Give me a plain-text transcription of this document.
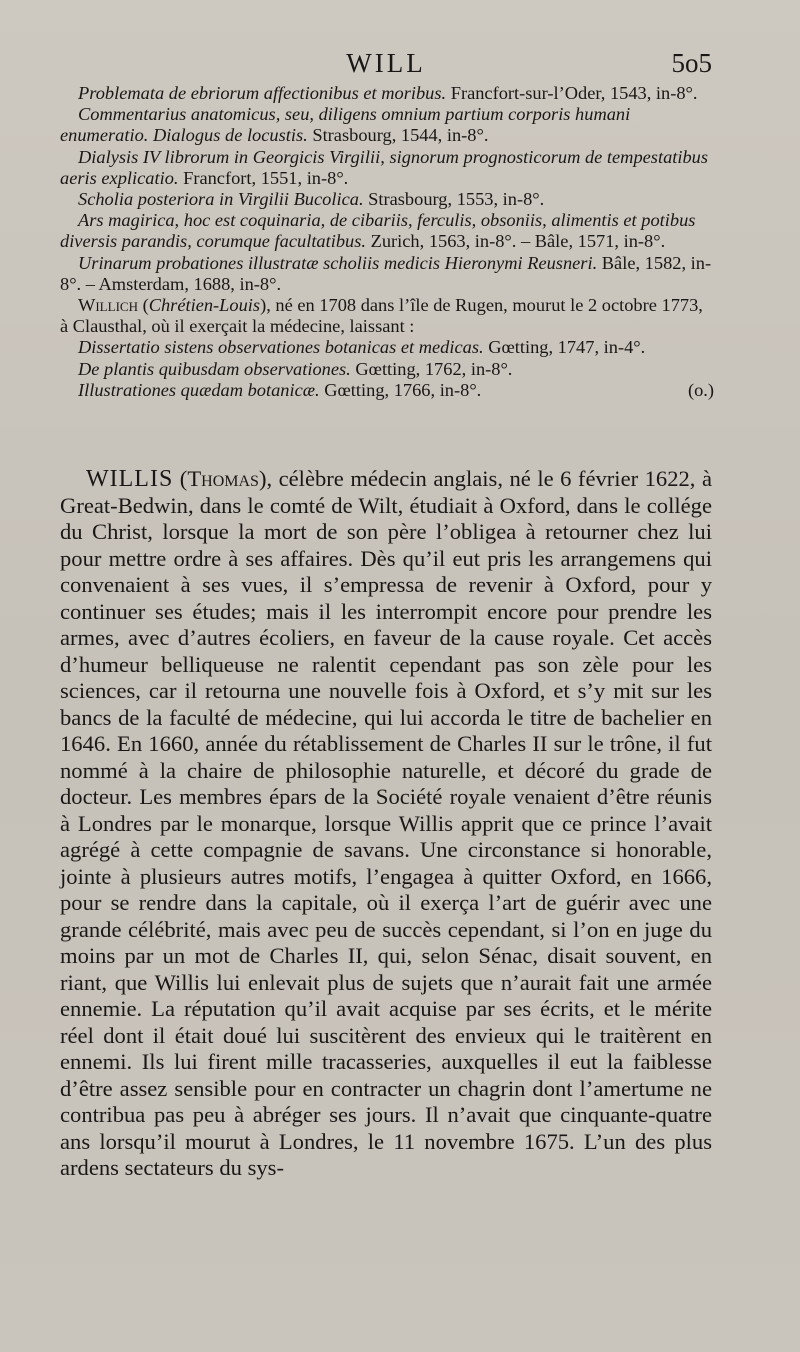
WILL	5o5
Problemata de ebriorum affectionibus et moribus. Francfort-sur-l’Oder, 1543, in-8°.
Commentarius anatomicus, seu, diligens omnium partium corporis humani enumeratio. Dialogus de locustis. Strasbourg, 1544, in-8°.
Dialysis IV librorum in Georgicis Virgilii, signorum prognosticorum de tempestatibus aeris explicatio. Francfort, 1551, in-8°.
Scholia posteriora in Virgilii Bucolica. Strasbourg, 1553, in-8°.
Ars magirica, hoc est coquinaria, de cibariis, ferculis, obsoniis, alimentis et potibus diversis parandis, corumque facultatibus. Zurich, 1563, in-8°. – Bâle, 1571, in-8°.
Urinarum probationes illustratæ scholiis medicis Hieronymi Reusneri. Bâle, 1582, in-8°. – Amsterdam, 1688, in-8°.
Willich (Chrétien-Louis), né en 1708 dans l’île de Rugen, mourut le 2 octobre 1773, à Clausthal, où il exerçait la médecine, laissant :
Dissertatio sistens observationes botanicas et medicas. Gœtting, 1747, in-4°.
De plantis quibusdam observationes. Gœtting, 1762, in-8°.
Illustrationes quædam botanicæ. Gœtting, 1766, in-8°.	(o.)

WILLIS (Thomas), célèbre médecin anglais, né le 6 février 1622, à Great-Bedwin, dans le comté de Wilt, étudiait à Oxford, dans le collége du Christ, lorsque la mort de son père l’obligea à retourner chez lui pour mettre ordre à ses affaires. Dès qu’il eut pris les arrangemens qui convenaient à ses vues, il s’empressa de revenir à Oxford, pour y continuer ses études; mais il les interrompit encore pour prendre les armes, avec d’autres écoliers, en faveur de la cause royale. Cet accès d’humeur belliqueuse ne ralentit cependant pas son zèle pour les sciences, car il retourna une nouvelle fois à Oxford, et s’y mit sur les bancs de la faculté de médecine, qui lui accorda le titre de bachelier en 1646. En 1660, année du rétablissement de Charles II sur le trône, il fut nommé à la chaire de philosophie naturelle, et décoré du grade de docteur. Les membres épars de la Société royale venaient d’être réunis à Londres par le monarque, lorsque Willis apprit que ce prince l’avait agrégé à cette compagnie de savans. Une circonstance si honorable, jointe à plusieurs autres motifs, l’engagea à quitter Oxford, en 1666, pour se rendre dans la capitale, où il exerça l’art de guérir avec une grande célébrité, mais avec peu de succès cependant, si l’on en juge du moins par un mot de Charles II, qui, selon Sénac, disait souvent, en riant, que Willis lui enlevait plus de sujets que n’aurait fait une armée ennemie. La réputation qu’il avait acquise par ses écrits, et le mérite réel dont il était doué lui suscitèrent des envieux qui le traitèrent en ennemi. Ils lui firent mille tracasseries, auxquelles il eut la faiblesse d’être assez sensible pour en contracter un chagrin dont l’amertume ne contribua pas peu à abréger ses jours. Il n’avait que cinquante-quatre ans lorsqu’il mourut à Londres, le 11 novembre 1675. L’un des plus ardens sectateurs du sys-
